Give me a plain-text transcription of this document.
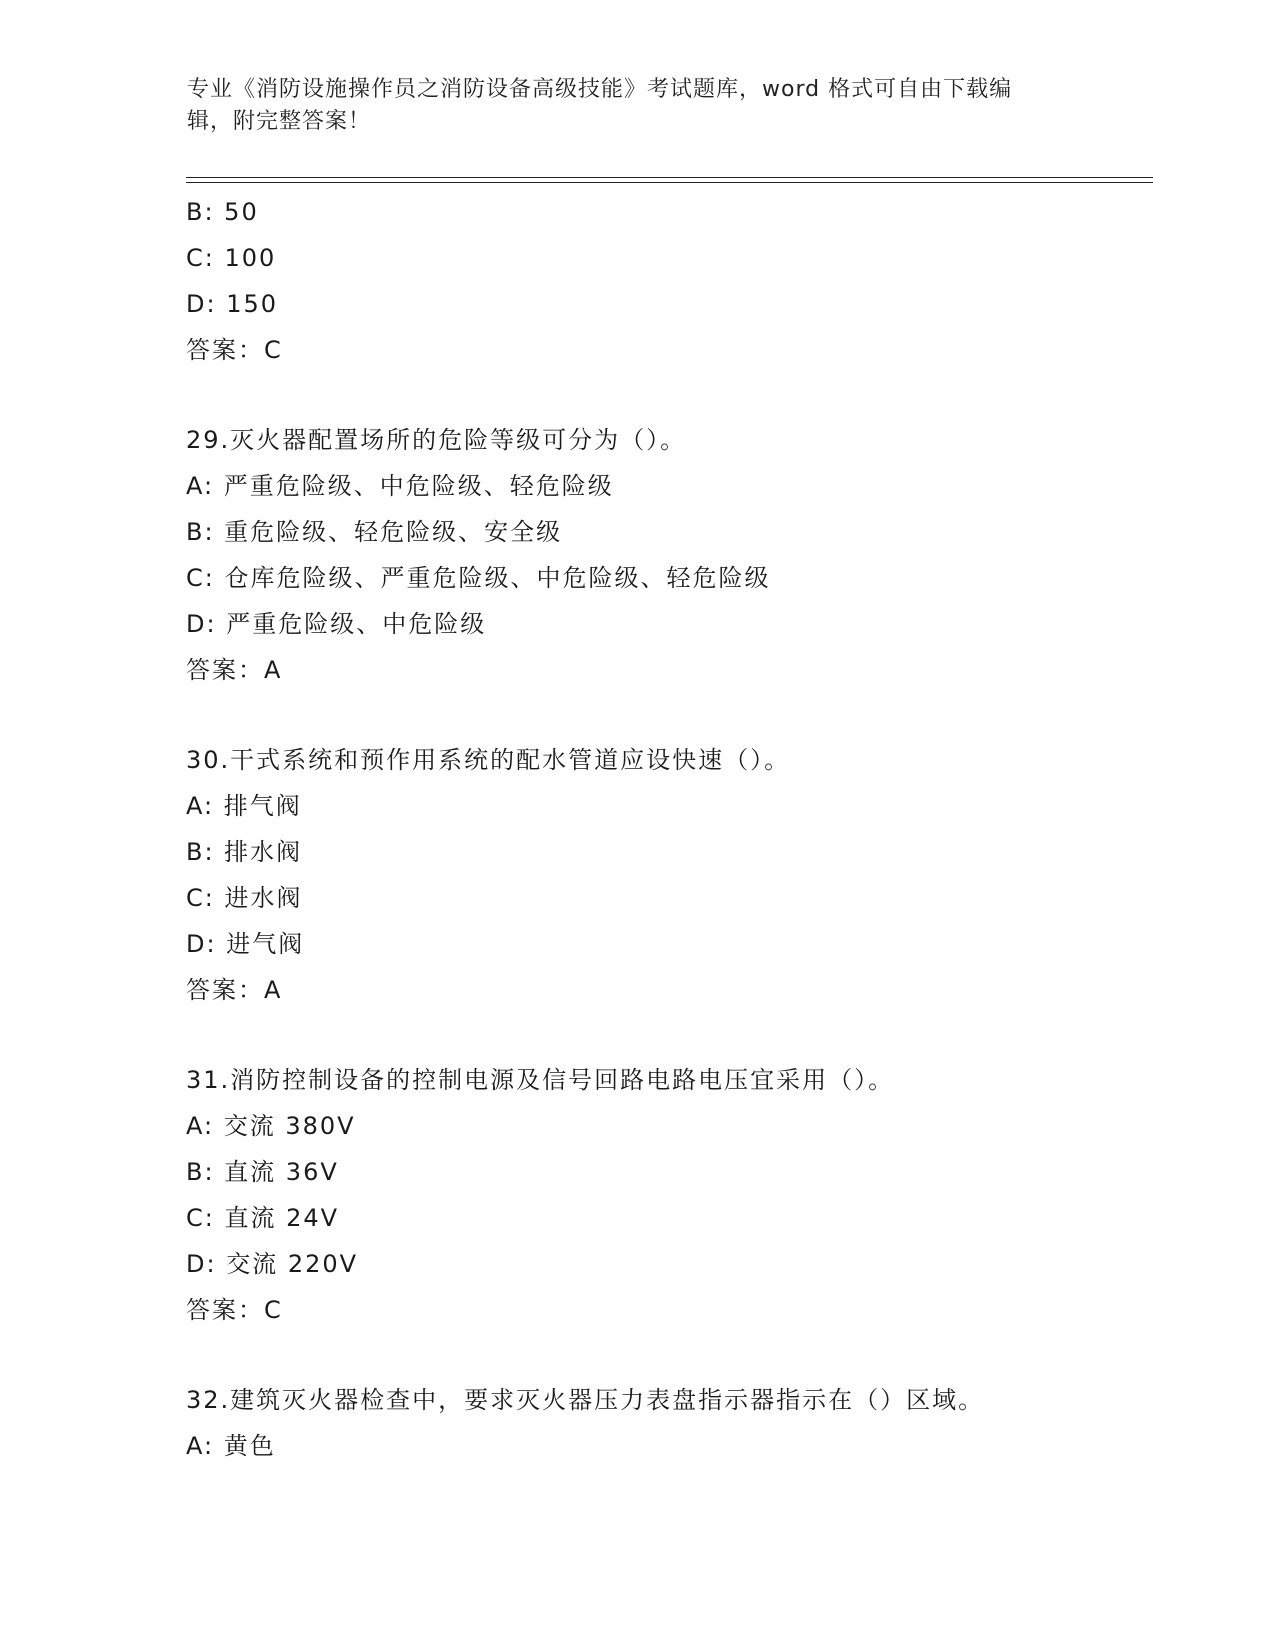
专业《消防设施操作员之消防设备高级技能》考试题库，word 格式可自由下载编
辑，附完整答案！
B: 50
C: 100
D: 150
答案：C
29.灭火器配置场所的危险等级可分为（）。
A: 严重危险级、中危险级、轻危险级
B: 重危险级、轻危险级、安全级
C: 仓库危险级、严重危险级、中危险级、轻危险级
D: 严重危险级、中危险级
答案：A
30.干式系统和预作用系统的配水管道应设快速（）。
A: 排气阀
B: 排水阀
C: 进水阀
D: 进气阀
答案：A
31.消防控制设备的控制电源及信号回路电路电压宜采用（）。
A: 交流 380V
B: 直流 36V
C: 直流 24V
D: 交流 220V
答案：C
32.建筑灭火器检查中，要求灭火器压力表盘指示器指示在（）区域。
A: 黄色
